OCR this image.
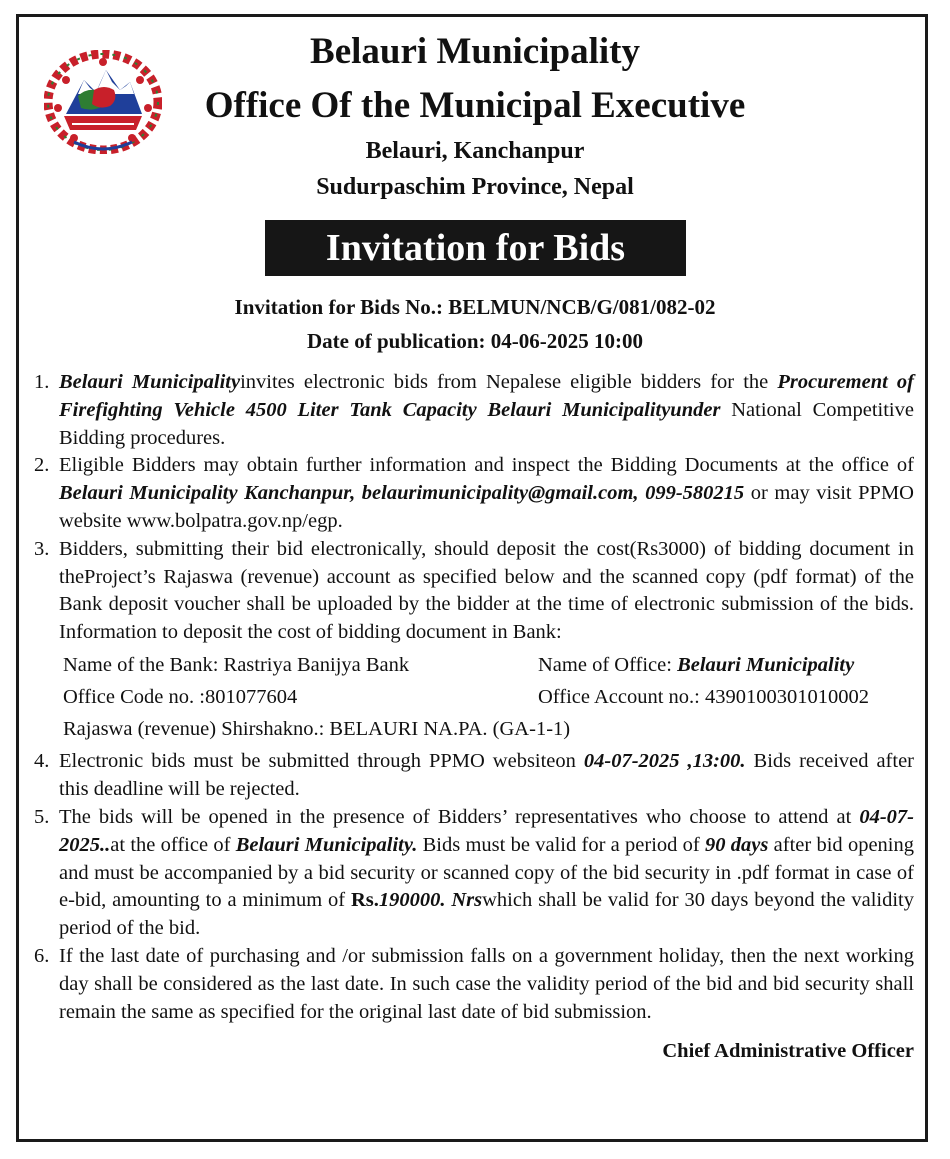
Belauri Municipality
Office Of the Municipal Executive
Belauri, Kanchanpur
Sudurpaschim Province, Nepal
Invitation for Bids
Invitation for Bids No.: BELMUN/NCB/G/081/082-02
Date of publication: 04-06-2025 10:00
1. Belauri Municipalityinvites electronic bids from Nepalese eligible bidders for the Procurement of Firefighting Vehicle 4500 Liter Tank Capacity Belauri Municipalityunder National Competitive Bidding procedures.
2. Eligible Bidders may obtain further information and inspect the Bidding Documents at the office of Belauri Municipality Kanchanpur, belaurimunicipality@gmail.com, 099-580215 or may visit PPMO website www.bolpatra.gov.np/egp.
3. Bidders, submitting their bid electronically, should deposit the cost(Rs3000) of bidding document in theProject’s Rajaswa (revenue) account as specified below and the scanned copy (pdf format) of the Bank deposit voucher shall be uploaded by the bidder at the time of electronic submission of the bids. Information to deposit the cost of bidding document in Bank:
Name of the Bank: Rastriya Banijya Bank	Name of Office: Belauri Municipality
Office Code no. :801077604	Office Account no.: 4390100301010002
Rajaswa (revenue) Shirshakno.: BELAURI NA.PA. (GA-1-1)
4. Electronic bids must be submitted through PPMO websiteon 04-07-2025 ,13:00. Bids received after this deadline will be rejected.
5. The bids will be opened in the presence of Bidders’ representatives who choose to attend at 04-07-2025..at the office of Belauri Municipality. Bids must be valid for a period of 90 days after bid opening and must be accompanied by a bid security or scanned copy of the bid security in .pdf format in case of e-bid, amounting to a minimum of Rs.190000. Nrswhich shall be valid for 30 days beyond the validity period of the bid.
6. If the last date of purchasing and /or submission falls on a government holiday, then the next working day shall be considered as the last date. In such case the validity period of the bid and bid security shall remain the same as specified for the original last date of bid submission.
Chief Administrative Officer
